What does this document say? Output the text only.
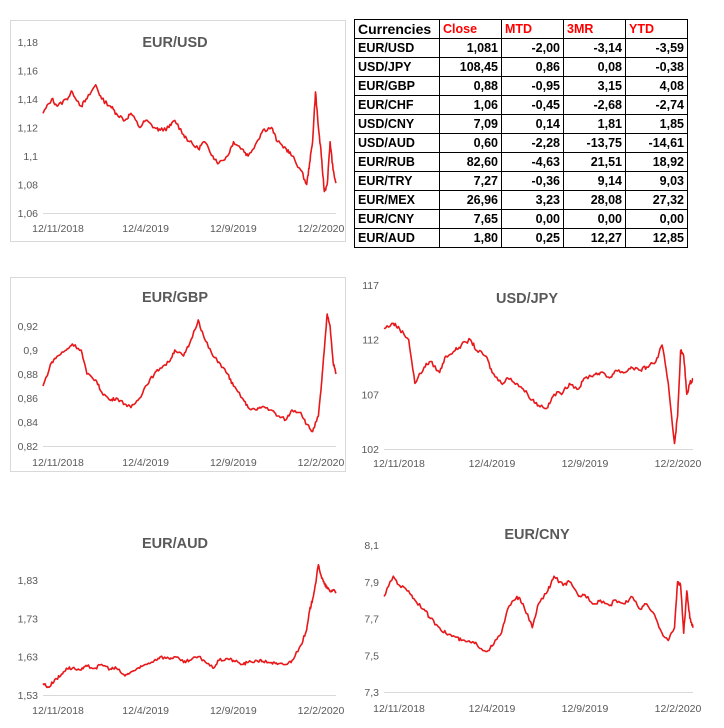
EUR/USD
1,06
1,08
1,1
1,12
1,14
1,16
1,18
12/11/2018	12/4/2019	12/9/2019	12/2/2020
Currencies	Close	MTD	3MR	YTD
EUR/USD	1,081	-2,00	-3,14	-3,59
USD/JPY	108,45	0,86	0,08	-0,38
EUR/GBP	0,88	-0,95	3,15	4,08
EUR/CHF	1,06	-0,45	-2,68	-2,74
USD/CNY	7,09	0,14	1,81	1,85
USD/AUD	0,60	-2,28	-13,75	-14,61
EUR/RUB	82,60	-4,63	21,51	18,92
EUR/TRY	7,27	-0,36	9,14	9,03
EUR/MEX	26,96	3,23	28,08	27,32
EUR/CNY	7,65	0,00	0,00	0,00
EUR/AUD	1,80	0,25	12,27	12,85
EUR/GBP
0,82
0,84
0,86
0,88
0,9
0,92
12/11/2018	12/4/2019	12/9/2019	12/2/2020
USD/JPY
102
107
112
117
12/11/2018	12/4/2019	12/9/2019	12/2/2020
EUR/AUD
1,53
1,63
1,73
1,83
12/11/2018	12/4/2019	12/9/2019	12/2/2020
EUR/CNY
7,3
7,5
7,7
7,9
8,1
12/11/2018	12/4/2019	12/9/2019	12/2/2020
